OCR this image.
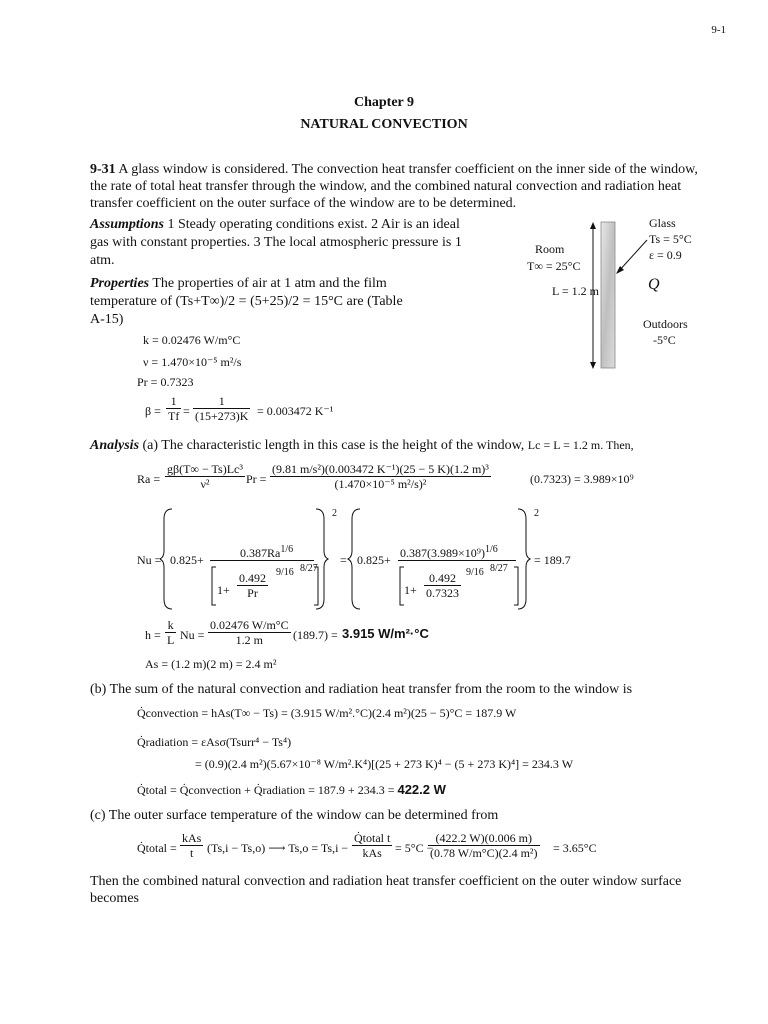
9-1
Chapter 9
NATURAL CONVECTION
9-31 A glass window is considered. The convection heat transfer coefficient on the inner side of the window, the rate of total heat transfer through the window, and the combined natural convection and radiation heat transfer coefficient on the outer surface of the window are to be determined.
Assumptions 1 Steady operating conditions exist. 2 Air is an ideal
gas with constant properties. 3 The local atmospheric pressure is 1
atm.
Properties The properties of air at 1 atm and the film
temperature of (Ts+T∞)/2 = (5+25)/2 = 15°C are (Table
A-15)
k = 0.02476 W/m°C
ν = 1.470×10⁻⁵ m²/s
Pr = 0.7323
$\beta = \frac{1}{Tf} = \frac{1}{(15+273)K} = 0.003472$ K⁻¹
Room
T∞ = 25°C
Glass
Ts = 5°C
ε = 0.9
L = 1.2 m	Q
Outdoors
-5°C
Analysis (a) The characteristic length in this case is the height of the window, Lc = L = 1.2 m. Then,
$Ra = \frac{\text{gβ(T∞ − Ts)Lc³}}{\text{ν²}}$ $Pr = \frac{\text{(9.81 m/s²)(0.003472 K⁻¹)(25 − 5 K)(1.2 m)³}}{\text{(1.470×10⁻⁵ m²/s)²}}$	(0.7323) = 3.989×10⁹
Nu = 0.825+	$0.387Ra^{1/6}$
$1+ \frac{0.492}{Pr} 9/16$ 8/27
2
= $0.825+ 0.387(3.989\times 10^9)^{1/6}$
$1+ \frac{0.492}{0.7323} 9/16$ 8/27
2
= 189.7
$h = \frac{k}{L}$ $Nu = \frac{0.02476 W/m^\circ C}{1.2 m} (189.7) = 3.915$ W/m²·°C
As = (1.2 m)(2 m) = 2.4 m²
(b) The sum of the natural convection and radiation heat transfer from the room to the window is
Q̇convection = hAs(T∞ − Ts) = (3.915 W/m².°C)(2.4 m²)(25 − 5)°C = 187.9 W
Q̇radiation = εAsσ(Tsurr⁴ − Ts⁴)
= (0.9)(2.4 m²)(5.67×10⁻⁸ W/m².K⁴)[(25 + 273 K)⁴ − (5 + 273 K)⁴] = 234.3 W
Q̇total = Q̇convection + Q̇radiation = 187.9 + 234.3 = 422.2 W
(c) The outer surface temperature of the window can be determined from
Q̇total =
kAs
t	(Ts,i − Ts,o) ⟶ Ts,o = Ts,i −
Q̇total t
kAs	= 5°C −
$\frac{(422.2 W)(0.006 m)}{\text{(0.78 W/m°C)(2.4 m²)}} = 3.65^\circ C$
Then the combined natural convection and radiation heat transfer coefficient on the outer window surface becomes
